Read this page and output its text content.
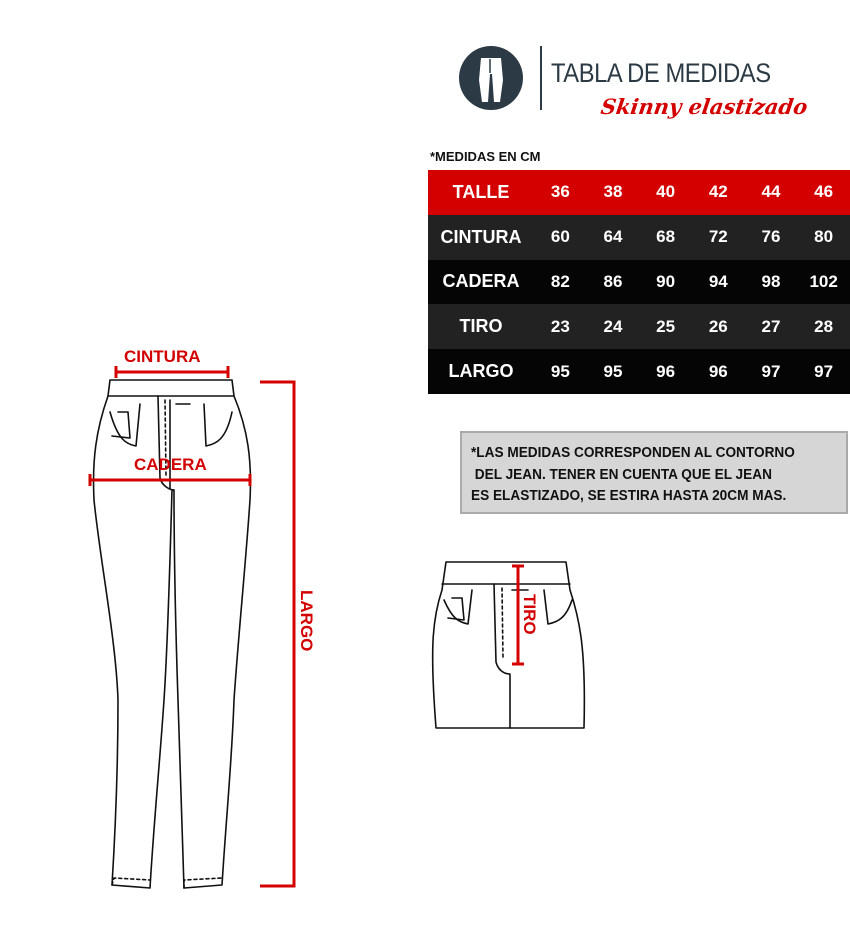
TABLA DE MEDIDAS
Skinny elastizado
*MEDIDAS EN CM
TALLE	36	38	40	42	44	46
CINTURA	60	64	68	72	76	80
CADERA	82	86	90	94	98	102
TIRO	23	24	25	26	27	28
LARGO	95	95	96	96	97	97
*LAS MEDIDAS CORRESPONDEN AL CONTORNO
DEL JEAN. TENER EN CUENTA QUE EL JEAN
ES ELASTIZADO, SE ESTIRA HASTA 20CM MAS.
CINTURA
CADERA
LARGO	TIRO
